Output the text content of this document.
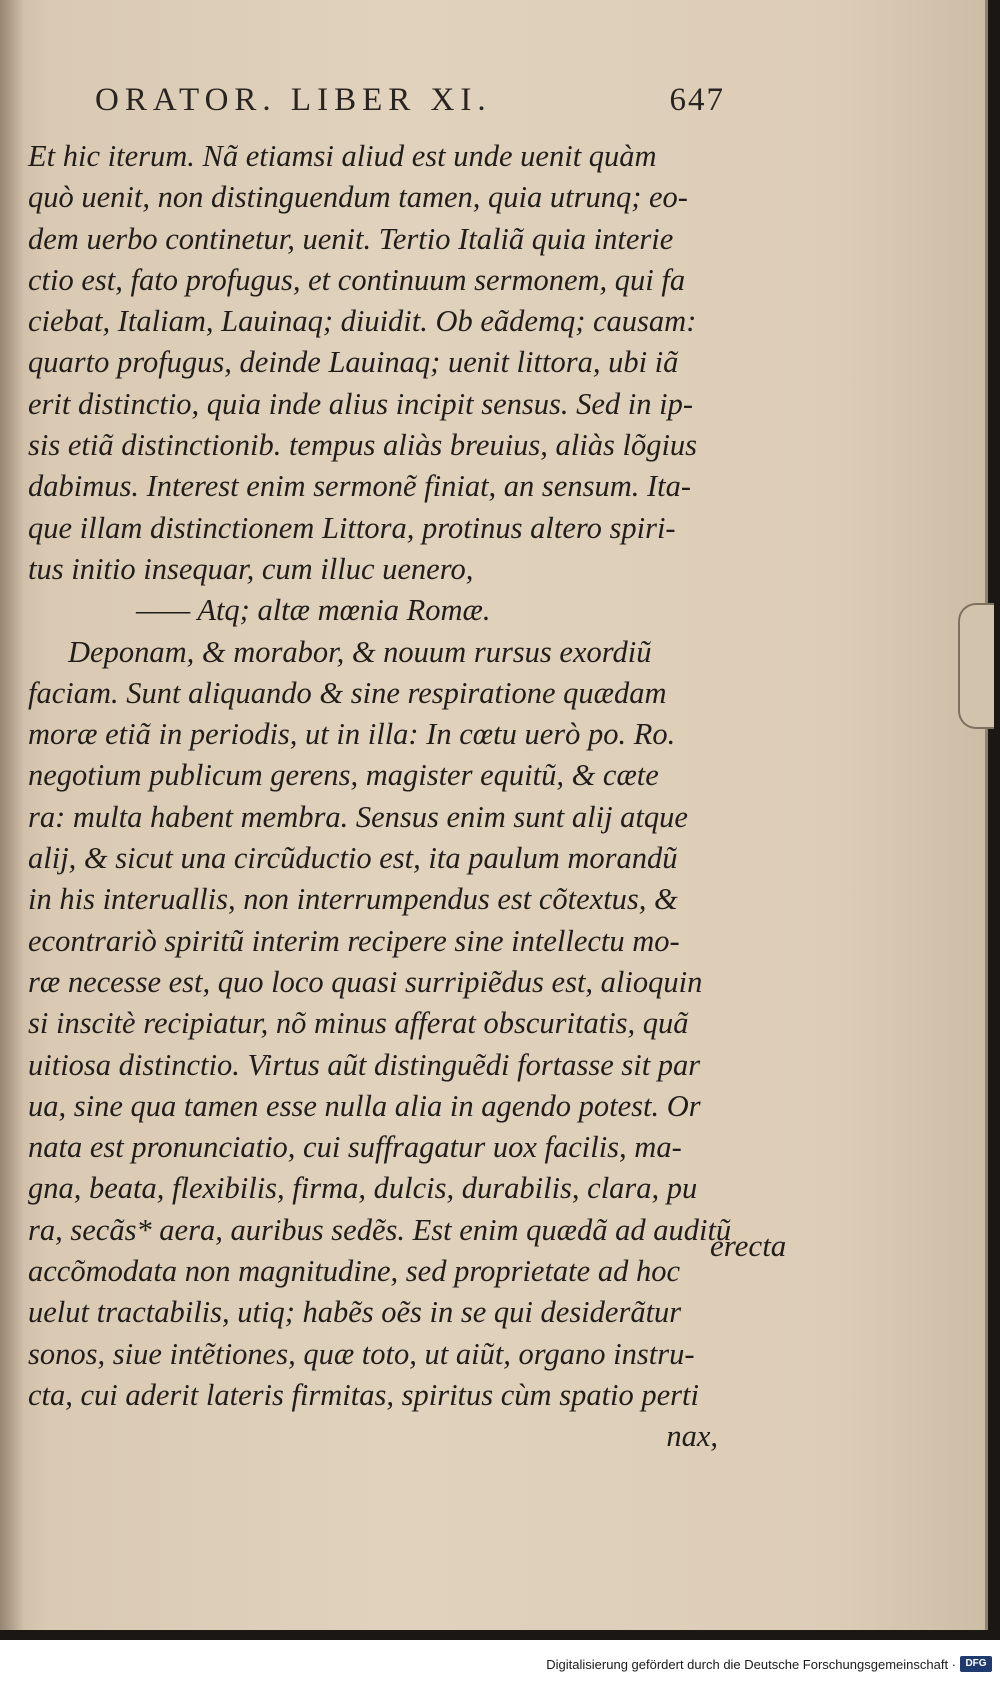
ORATOR. LIBER XI.	647
Et hic iterum. Nã etiamsi aliud est unde uenit quàm
quò uenit, non distinguendum tamen, quia utrunq; eo-
dem uerbo continetur, uenit. Tertio Italiã quia interie
ctio est, fato profugus, et continuum sermonem, qui fa
ciebat, Italiam, Lauinaq; diuidit. Ob eãdemq; causam:
quarto profugus, deinde Lauinaq; uenit littora, ubi iã
erit distinctio, quia inde alius incipit sensus. Sed in ip-
sis etiã distinctionib. tempus aliàs breuius, aliàs lõgius
dabimus. Interest enim sermonẽ finiat, an sensum. Ita-
que illam distinctionem Littora, protinus altero spiri-
tus initio insequar, cum illuc uenero,
—— Atq; altæ mœnia Romæ.
Deponam, & morabor, & nouum rursus exordiũ
faciam. Sunt aliquando & sine respiratione quædam
moræ etiã in periodis, ut in illa: In cœtu uerò po. Ro.
negotium publicum gerens, magister equitũ, & cæte
ra: multa habent membra. Sensus enim sunt alij atque
alij, & sicut una circũductio est, ita paulum morandũ
in his interuallis, non interrumpendus est cõtextus, &
econtrariò spiritũ interim recipere sine intellectu mo-
ræ necesse est, quo loco quasi surripiẽdus est, alioquin
si inscitè recipiatur, nõ minus afferat obscuritatis, quã
uitiosa distinctio. Virtus aũt distinguẽdi fortasse sit par
ua, sine qua tamen esse nulla alia in agendo potest. Or
nata est pronunciatio, cui suffragatur uox facilis, ma-
gna, beata, flexibilis, firma, dulcis, durabilis, clara, pu
ra, secãs* aera, auribus sedẽs. Est enim quædã ad auditũ
accõmodata non magnitudine, sed proprietate ad hoc
uelut tractabilis, utiq; habẽs oẽs in se qui desiderãtur
sonos, siue intẽtiones, quæ toto, ut aiũt, organo instru-
cta, cui aderit lateris firmitas, spiritus cùm spatio perti
nax,
erecta
Digitalisierung gefördert durch die Deutsche Forschungsgemeinschaft · DFG
